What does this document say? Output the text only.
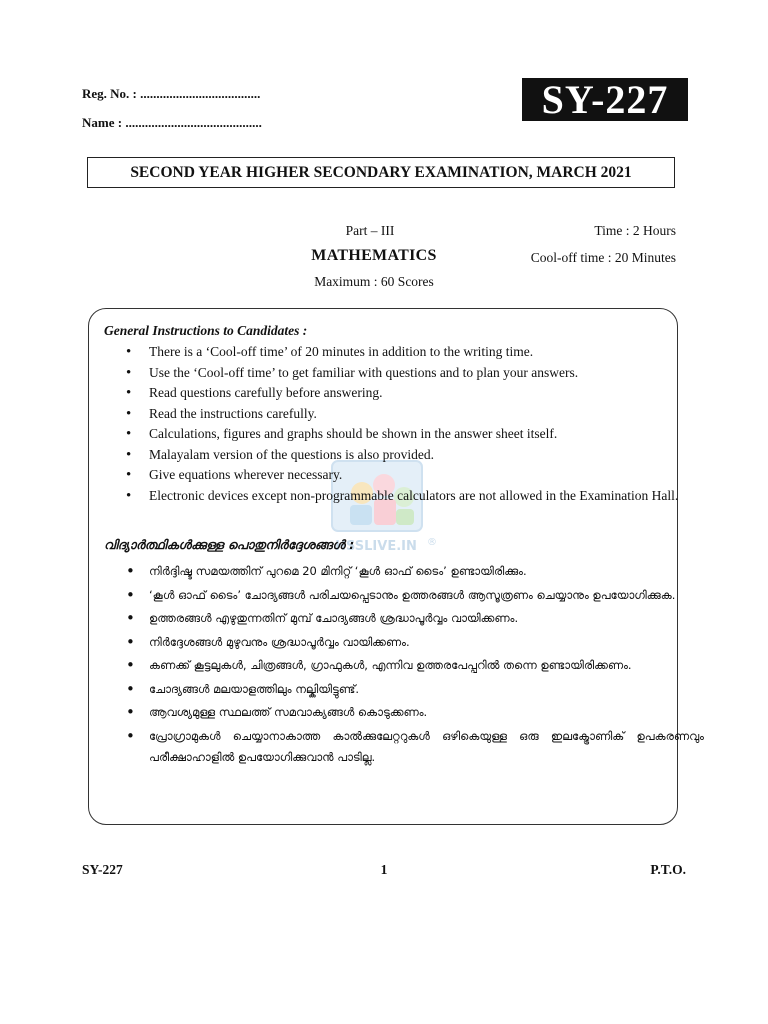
Reg. No. : .....................................
Name : ..........................................
SY-227
SECOND YEAR HIGHER SECONDARY EXAMINATION, MARCH 2021
Part – III
MATHEMATICS
Maximum : 60 Scores
Time : 2 Hours
Cool-off time : 20 Minutes
HSSLIVE.IN ®
General Instructions to Candidates :
• There is a ‘Cool-off time’ of 20 minutes in addition to the writing time.
• Use the ‘Cool-off time’ to get familiar with questions and to plan your answers.
• Read questions carefully before answering.
• Read the instructions carefully.
• Calculations, figures and graphs should be shown in the answer sheet itself.
• Malayalam version of the questions is also provided.
• Give equations wherever necessary.
• Electronic devices except non-programmable calculators are not allowed in the Examination Hall.
വിദ്യാർത്ഥികൾക്കുള്ള പൊതുനിർദ്ദേശങ്ങൾ :
• നിർദ്ദിഷ്ട സമയത്തിന് പുറമെ 20 മിനിറ്റ് ‘കൂൾ ഓഫ് ടൈം’ ഉണ്ടായിരിക്കും.
• ‘കൂൾ ഓഫ് ടൈം’ ചോദ്യങ്ങൾ പരിചയപ്പെടാനും ഉത്തരങ്ങൾ ആസൂത്രണം ചെയ്യാനും ഉപയോഗിക്കുക.
• ഉത്തരങ്ങൾ എഴുതുന്നതിന് മുമ്പ് ചോദ്യങ്ങൾ ശ്രദ്ധാപൂർവ്വം വായിക്കണം.
• നിർദ്ദേശങ്ങൾ മുഴുവനും ശ്രദ്ധാപൂർവ്വം വായിക്കണം.
• കണക്ക് കൂട്ടലുകൾ, ചിത്രങ്ങൾ, ഗ്രാഫുകൾ, എന്നിവ ഉത്തരപേപ്പറിൽ തന്നെ ഉണ്ടായിരിക്കണം.
• ചോദ്യങ്ങൾ മലയാളത്തിലും നല്കിയിട്ടുണ്ട്.
• ആവശ്യമുള്ള സ്ഥലത്ത് സമവാക്യങ്ങൾ കൊടുക്കണം.
• പ്രോഗ്രാമുകൾ ചെയ്യാനാകാത്ത കാൽക്കുലേറ്ററുകൾ ഒഴികെയുള്ള ഒരു ഇലക്ട്രോണിക് ഉപകരണവും പരീക്ഷാഹാളിൽ ഉപയോഗിക്കുവാൻ പാടില്ല.
SY-227	1	P.T.O.
